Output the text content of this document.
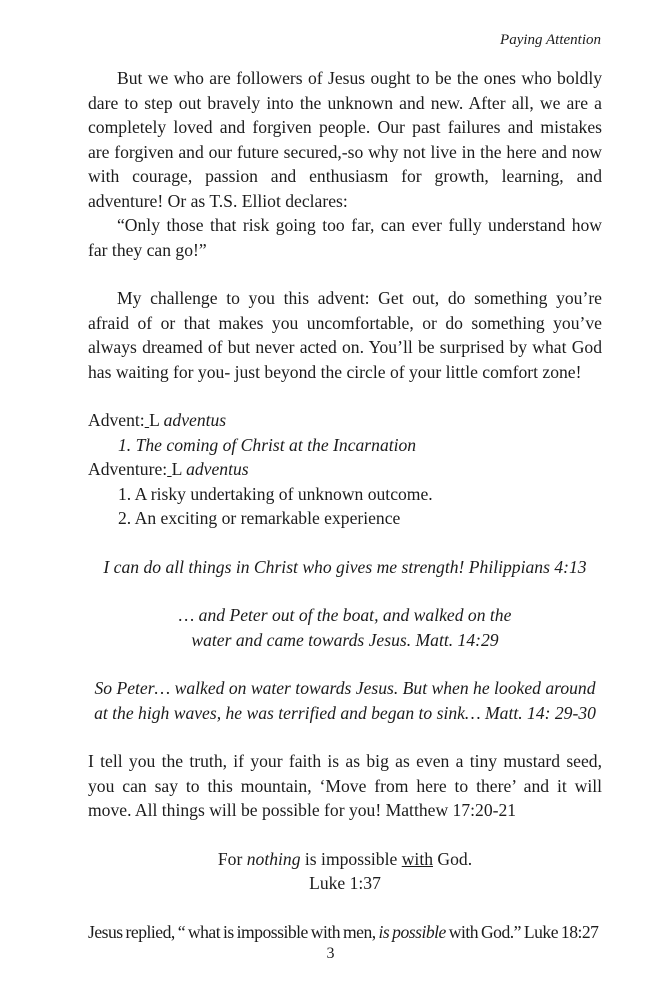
Paying Attention

But we who are followers of Jesus ought to be the ones who boldly dare to step out bravely into the unknown and new. After all, we are a completely loved and forgiven people. Our past failures and mistakes are forgiven and our future secured,-so why not live in the here and now with courage, passion and enthusiasm for growth, learning, and adventure! Or as T.S. Elliot declares:

“Only those that risk going too far, can ever fully understand how far they can go!”

My challenge to you this advent: Get out, do something you’re afraid of or that makes you uncomfortable, or do something you’ve always dreamed of but never acted on. You’ll be surprised by what God has waiting for you- just beyond the circle of your little comfort zone!

Advent: L adventus

1. The coming of Christ at the Incarnation

Adventure: L adventus

1. A risky undertaking of unknown outcome.

2. An exciting or remarkable experience

I can do all things in Christ who gives me strength! Philippians 4:13

… and Peter out of the boat, and walked on the

water and came towards Jesus. Matt. 14:29

So Peter… walked on water towards Jesus. But when he looked around

at the high waves, he was terrified and began to sink… Matt. 14: 29-30

I tell you the truth, if your faith is as big as even a tiny mustard seed, you can say to this mountain, ‘Move from here to there’ and it will move. All things will be possible for you! Matthew 17:20-21

For nothing is impossible with God.

Luke 1:37

Jesus replied, “ what is impossible with men, is possible with God.” Luke 18:27

3
